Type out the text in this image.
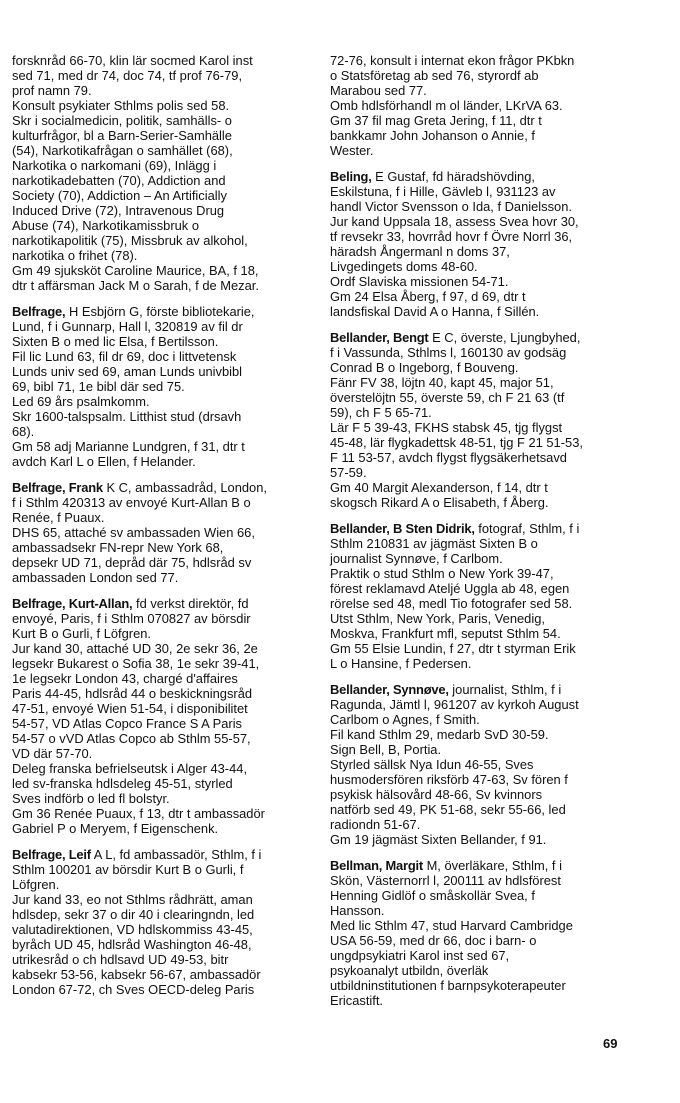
forsknråd 66-70, klin lär socmed Karol inst
sed 71, med dr 74, doc 74, tf prof 76-79,
prof namn 79.
Konsult psykiater Sthlms polis sed 58.
Skr i socialmedicin, politik, samhälls- o
kulturfrågor, bl a Barn-Serier-Samhälle
(54), Narkotikafrågan o samhället (68),
Narkotika o narkomani (69), Inlägg i
narkotikadebatten (70), Addiction and
Society (70), Addiction – An Artificially
Induced Drive (72), Intravenous Drug
Abuse (74), Narkotikamissbruk o
narkotikapolitik (75), Missbruk av alkohol,
narkotika o frihet (78).
Gm 49 sjuksköt Caroline Maurice, BA, f 18,
dtr t affärsman Jack M o Sarah, f de Mezar.
Belfrage, H Esbjörn G, förste bibliotekarie,
Lund, f i Gunnarp, Hall l, 320819 av fil dr
Sixten B o med lic Elsa, f Bertilsson.
Fil lic Lund 63, fil dr 69, doc i littvetensk
Lunds univ sed 69, aman Lunds univbibl
69, bibl 71, 1e bibl där sed 75.
Led 69 års psalmkomm.
Skr 1600-talspsalm. Litthist stud (drsavh
68).
Gm 58 adj Marianne Lundgren, f 31, dtr t
avdch Karl L o Ellen, f Helander.
Belfrage, Frank K C, ambassadråd, London,
f i Sthlm 420313 av envoyé Kurt-Allan B o
Renée, f Puaux.
DHS 65, attaché sv ambassaden Wien 66,
ambassadsekr FN-repr New York 68,
depsekr UD 71, depråd där 75, hdlsråd sv
ambassaden London sed 77.
Belfrage, Kurt-Allan, fd verkst direktör, fd
envoyé, Paris, f i Sthlm 070827 av börsdir
Kurt B o Gurli, f Löfgren.
Jur kand 30, attaché UD 30, 2e sekr 36, 2e
legsekr Bukarest o Sofia 38, 1e sekr 39-41,
1e legsekr London 43, chargé d'affaires
Paris 44-45, hdlsråd 44 o beskickningsråd
47-51, envoyé Wien 51-54, i disponibilitet
54-57, VD Atlas Copco France S A Paris
54-57 o vVD Atlas Copco ab Sthlm 55-57,
VD där 57-70.
Deleg franska befrielseutsk i Alger 43-44,
led sv-franska hdlsdeleg 45-51, styrled
Sves indförb o led fl bolstyr.
Gm 36 Renée Puaux, f 13, dtr t ambassadör
Gabriel P o Meryem, f Eigenschenk.
Belfrage, Leif A L, fd ambassadör, Sthlm, f i
Sthlm 100201 av börsdir Kurt B o Gurli, f
Löfgren.
Jur kand 33, eo not Sthlms rådhrätt, aman
hdlsdep, sekr 37 o dir 40 i clearingndn, led
valutadirektionen, VD hdlskommiss 43-45,
byråch UD 45, hdlsråd Washington 46-48,
utrikesråd o ch hdlsavd UD 49-53, bitr
kabsekr 53-56, kabsekr 56-67, ambassadör
London 67-72, ch Sves OECD-deleg Paris
72-76, konsult i internat ekon frågor PKbkn
o Statsföretag ab sed 76, styrordf ab
Marabou sed 77.
Omb hdlsförhandl m ol länder, LKrVA 63.
Gm 37 fil mag Greta Jering, f 11, dtr t
bankkamr John Johanson o Annie, f
Wester.
Beling, E Gustaf, fd häradshövding,
Eskilstuna, f i Hille, Gävleb l, 931123 av
handl Victor Svensson o Ida, f Danielsson.
Jur kand Uppsala 18, assess Svea hovr 30,
tf revsekr 33, hovrråd hovr f Övre Norrl 36,
häradsh Ångermanl n doms 37,
Livgedingets doms 48-60.
Ordf Slaviska missionen 54-71.
Gm 24 Elsa Åberg, f 97, d 69, dtr t
landsfiskal David A o Hanna, f Sillén.
Bellander, Bengt E C, överste, Ljungbyhed,
f i Vassunda, Sthlms l, 160130 av godsäg
Conrad B o Ingeborg, f Bouveng.
Fänr FV 38, löjtn 40, kapt 45, major 51,
överstelöjtn 55, överste 59, ch F 21 63 (tf
59), ch F 5 65-71.
Lär F 5 39-43, FKHS stabsk 45, tjg flygst
45-48, lär flygkadettsk 48-51, tjg F 21 51-53,
F 11 53-57, avdch flygst flygsäkerhetsavd
57-59.
Gm 40 Margit Alexanderson, f 14, dtr t
skogsch Rikard A o Elisabeth, f Åberg.
Bellander, B Sten Didrik, fotograf, Sthlm, f i
Sthlm 210831 av jägmäst Sixten B o
journalist Synnøve, f Carlbom.
Praktik o stud Sthlm o New York 39-47,
förest reklamavd Ateljé Uggla ab 48, egen
rörelse sed 48, medl Tio fotografer sed 58.
Utst Sthlm, New York, Paris, Venedig,
Moskva, Frankfurt mfl, seputst Sthlm 54.
Gm 55 Elsie Lundin, f 27, dtr t styrman Erik
L o Hansine, f Pedersen.
Bellander, Synnøve, journalist, Sthlm, f i
Ragunda, Jämtl l, 961207 av kyrkoh August
Carlbom o Agnes, f Smith.
Fil kand Sthlm 29, medarb SvD 30-59.
Sign Bell, B, Portia.
Styrled sällsk Nya Idun 46-55, Sves
husmodersfören riksförb 47-63, Sv fören f
psykisk hälsovård 48-66, Sv kvinnors
natförb sed 49, PK 51-68, sekr 55-66, led
radiondn 51-67.
Gm 19 jägmäst Sixten Bellander, f 91.
Bellman, Margit M, överläkare, Sthlm, f i
Skön, Västernorrl l, 200111 av hdlsförest
Henning Gidlöf o småskollär Svea, f
Hansson.
Med lic Sthlm 47, stud Harvard Cambridge
USA 56-59, med dr 66, doc i barn- o
ungdpsykiatri Karol inst sed 67,
psykoanalyt utbildn, överläk
utbildninstitutionen f barnpsykoterapeuter
Ericastift.
69
